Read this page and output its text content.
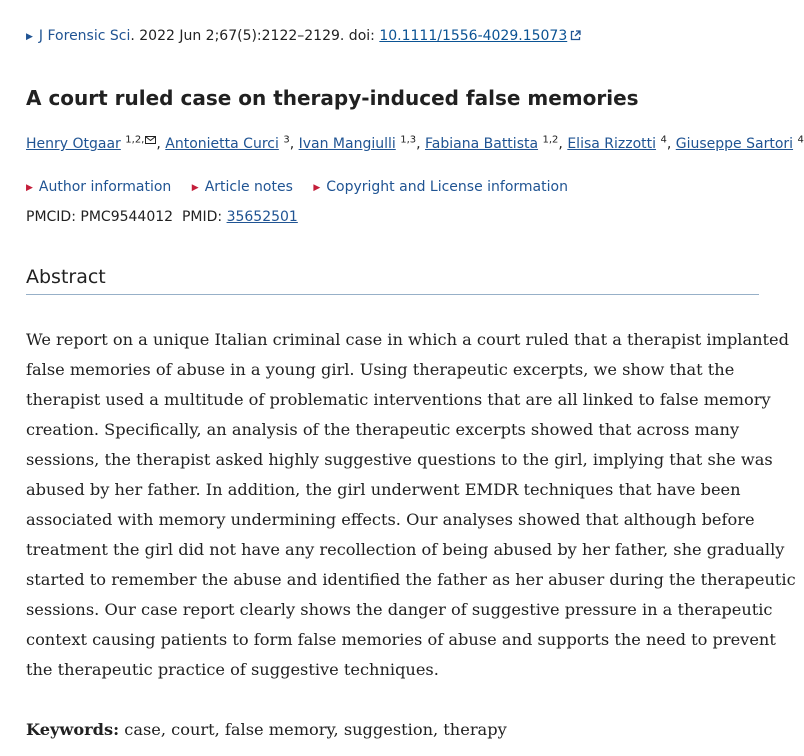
▶ J Forensic Sci. 2022 Jun 2;67(5):2122–2129. doi: 10.1111/1556-4029.15073
A court ruled case on therapy-induced false memories
Henry Otgaar $^{1,2,}$ , Antonietta Curci $^3$, Ivan Mangiulli $^{1,3}$, Fabiana Battista $^{1,2}$, Elisa Rizzotti $^4$, Giuseppe Sartori $^4$
▶ Author information ▶ Article notes ▶ Copyright and License information
PMCID: PMC9544012 PMID: 35652501
Abstract

We report on a unique Italian criminal case in which a court ruled that a therapist implanted
false memories of abuse in a young girl. Using therapeutic excerpts, we show that the
therapist used a multitude of problematic interventions that are all linked to false memory
creation. Specifically, an analysis of the therapeutic excerpts showed that across many
sessions, the therapist asked highly suggestive questions to the girl, implying that she was
abused by her father. In addition, the girl underwent EMDR techniques that have been
associated with memory undermining effects. Our analyses showed that although before
treatment the girl did not have any recollection of being abused by her father, she gradually
started to remember the abuse and identified the father as her abuser during the therapeutic
sessions. Our case report clearly shows the danger of suggestive pressure in a therapeutic
context causing patients to form false memories of abuse and supports the need to prevent
the therapeutic practice of suggestive techniques.

Keywords: case, court, false memory, suggestion, therapy
